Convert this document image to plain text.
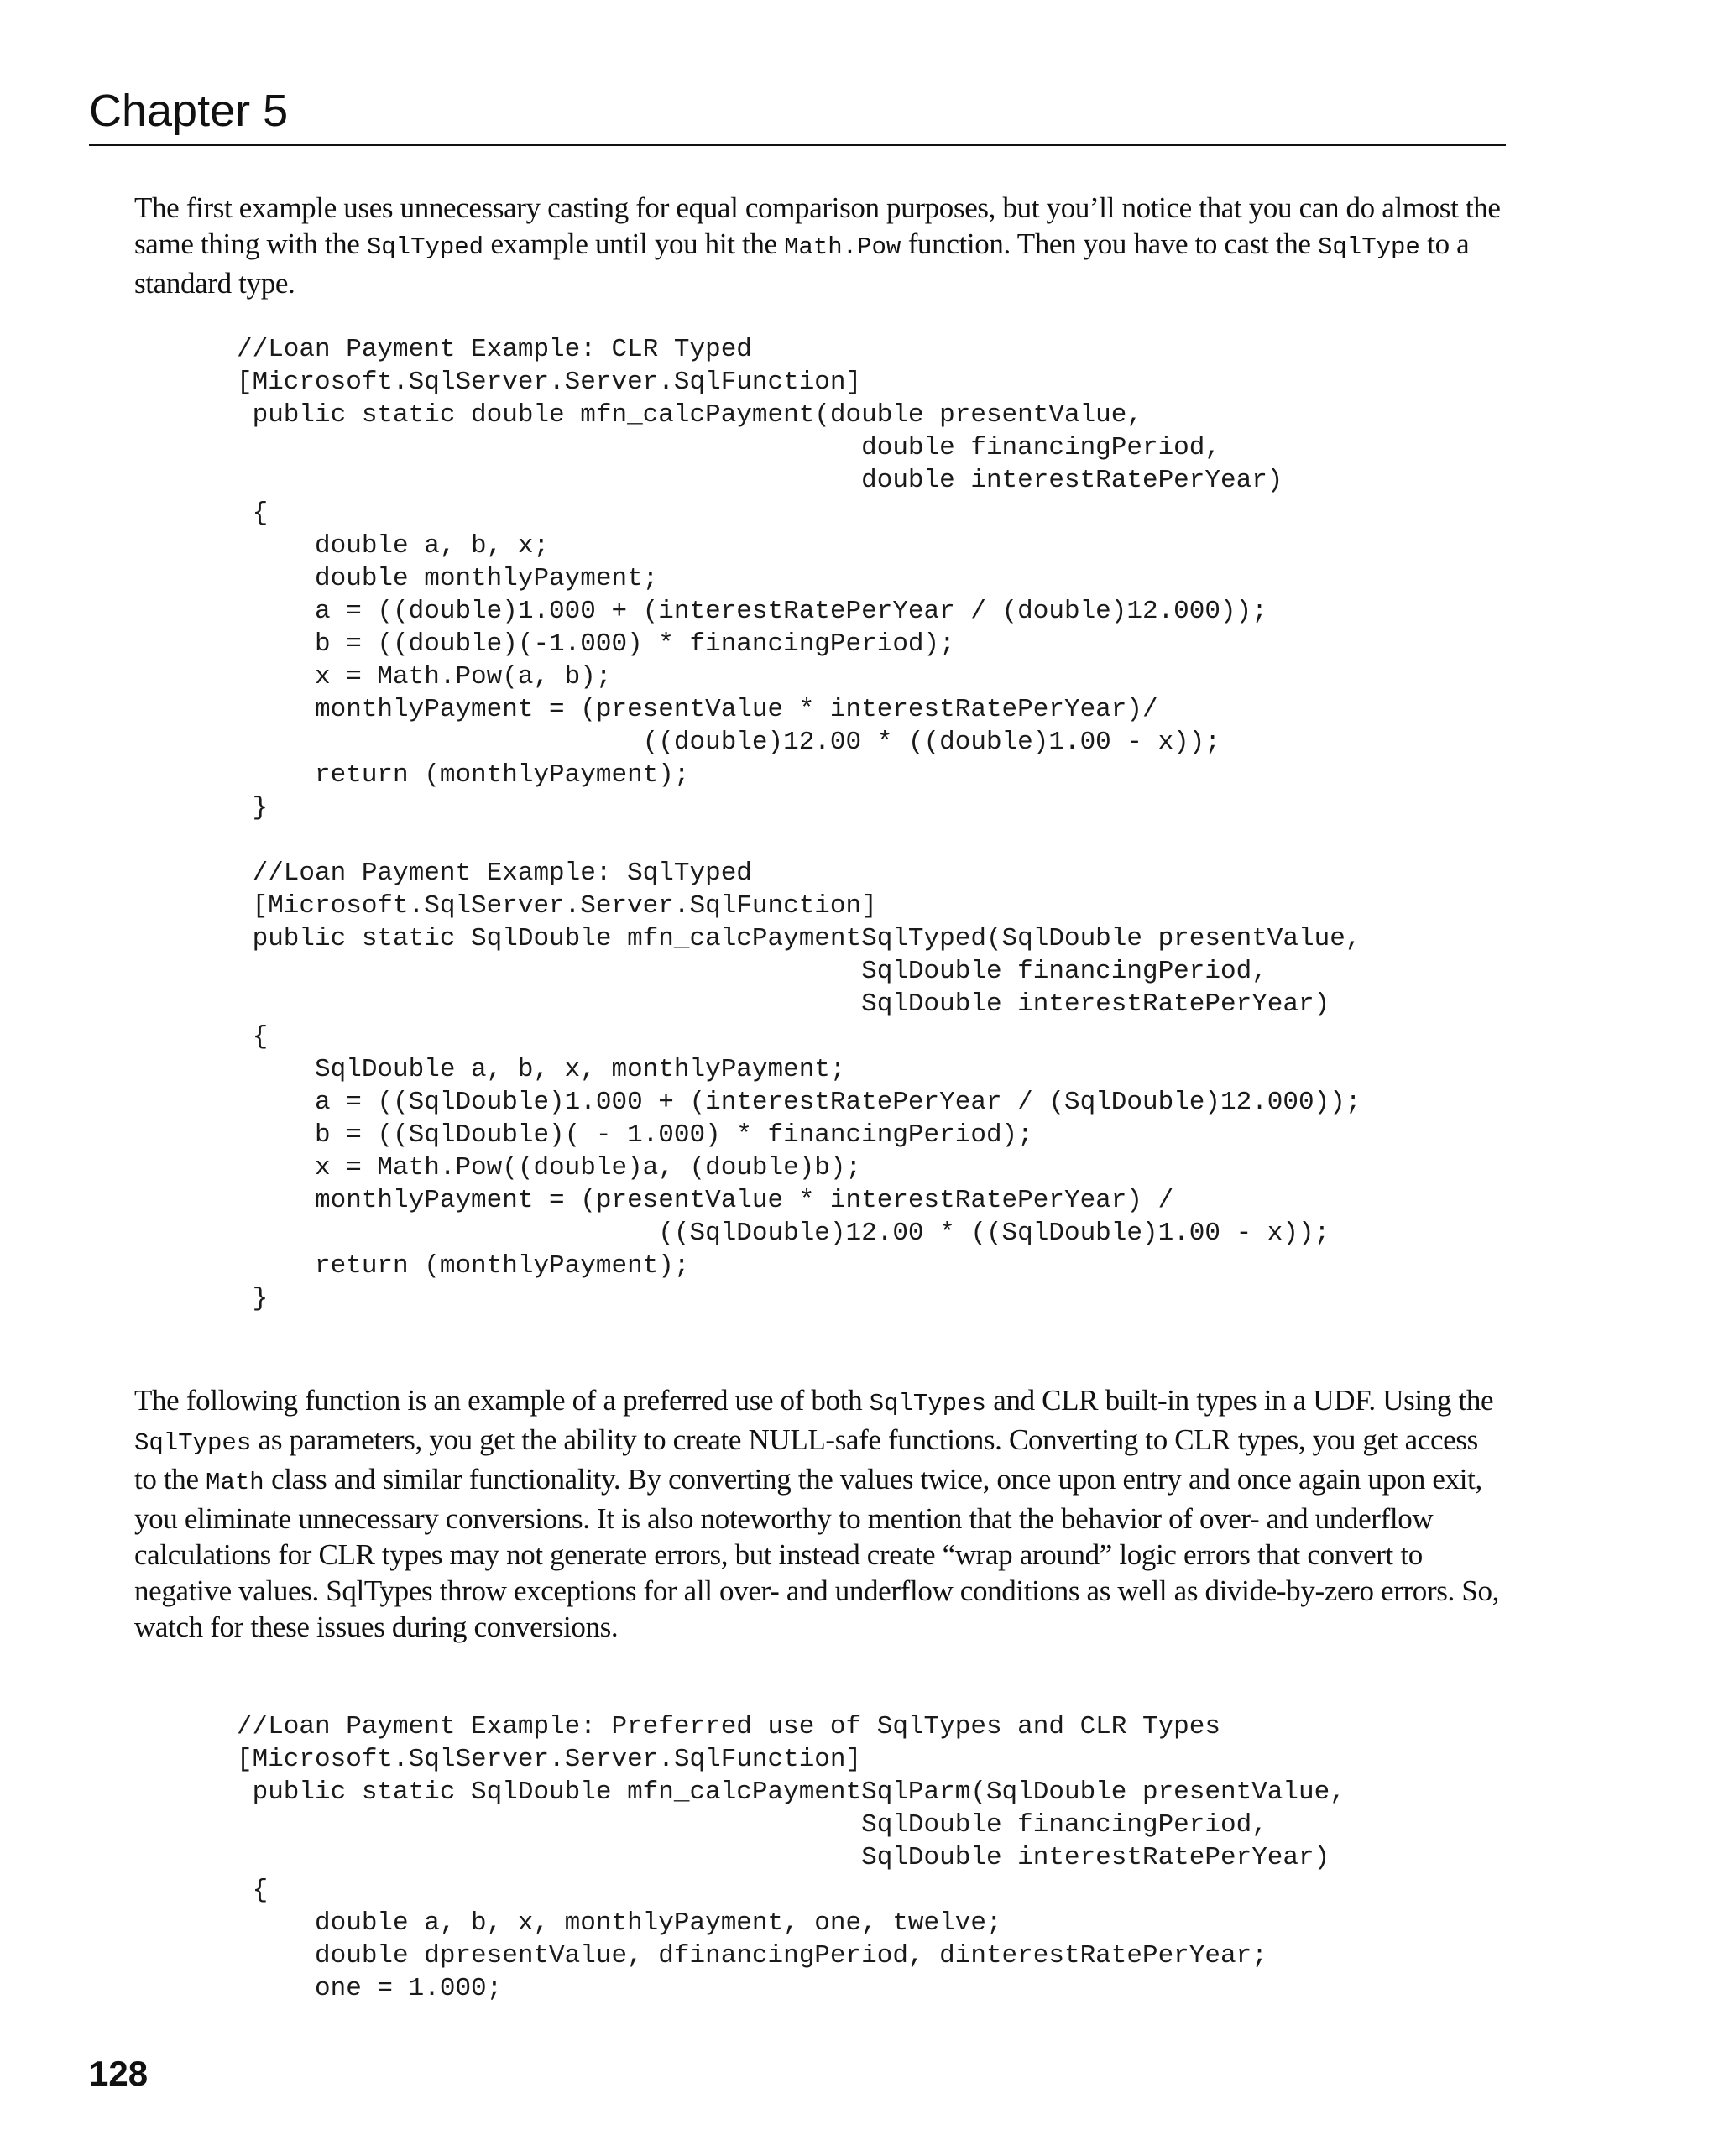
Chapter 5

The first example uses unnecessary casting for equal comparison purposes, but you’ll notice that you can do almost the same thing with the SqlTyped example until you hit the Math.Pow function. Then you have to cast the SqlType to a standard type.

//Loan Payment Example: CLR Typed
[Microsoft.SqlServer.Server.SqlFunction]
public static double mfn_calcPayment(double presentValue,
double financingPeriod,
double interestRatePerYear)
{
double a, b, x;
double monthlyPayment;
a = ((double)1.000 + (interestRatePerYear / (double)12.000));
b = ((double)(-1.000) * financingPeriod);
x = Math.Pow(a, b);
monthlyPayment = (presentValue * interestRatePerYear)/
((double)12.00 * ((double)1.00 - x));
return (monthlyPayment);
}

//Loan Payment Example: SqlTyped
[Microsoft.SqlServer.Server.SqlFunction]
public static SqlDouble mfn_calcPaymentSqlTyped(SqlDouble presentValue,
SqlDouble financingPeriod,
SqlDouble interestRatePerYear)
{
SqlDouble a, b, x, monthlyPayment;
a = ((SqlDouble)1.000 + (interestRatePerYear / (SqlDouble)12.000));
b = ((SqlDouble)( - 1.000) * financingPeriod);
x = Math.Pow((double)a, (double)b);
monthlyPayment = (presentValue * interestRatePerYear) /
((SqlDouble)12.00 * ((SqlDouble)1.00 - x));
return (monthlyPayment);
}

The following function is an example of a preferred use of both SqlTypes and CLR built-in types in a UDF. Using the SqlTypes as parameters, you get the ability to create NULL-safe functions. Converting to CLR types, you get access to the Math class and similar functionality. By converting the values twice, once upon entry and once again upon exit, you eliminate unnecessary conversions. It is also noteworthy to mention that the behavior of over- and underflow calculations for CLR types may not generate errors, but instead create “wrap around” logic errors that convert to negative values. SqlTypes throw exceptions for all over- and underflow conditions as well as divide-by-zero errors. So, watch for these issues during conversions.

//Loan Payment Example: Preferred use of SqlTypes and CLR Types
[Microsoft.SqlServer.Server.SqlFunction]
public static SqlDouble mfn_calcPaymentSqlParm(SqlDouble presentValue,
SqlDouble financingPeriod,
SqlDouble interestRatePerYear)
{
double a, b, x, monthlyPayment, one, twelve;
double dpresentValue, dfinancingPeriod, dinterestRatePerYear;
one = 1.000;
128
